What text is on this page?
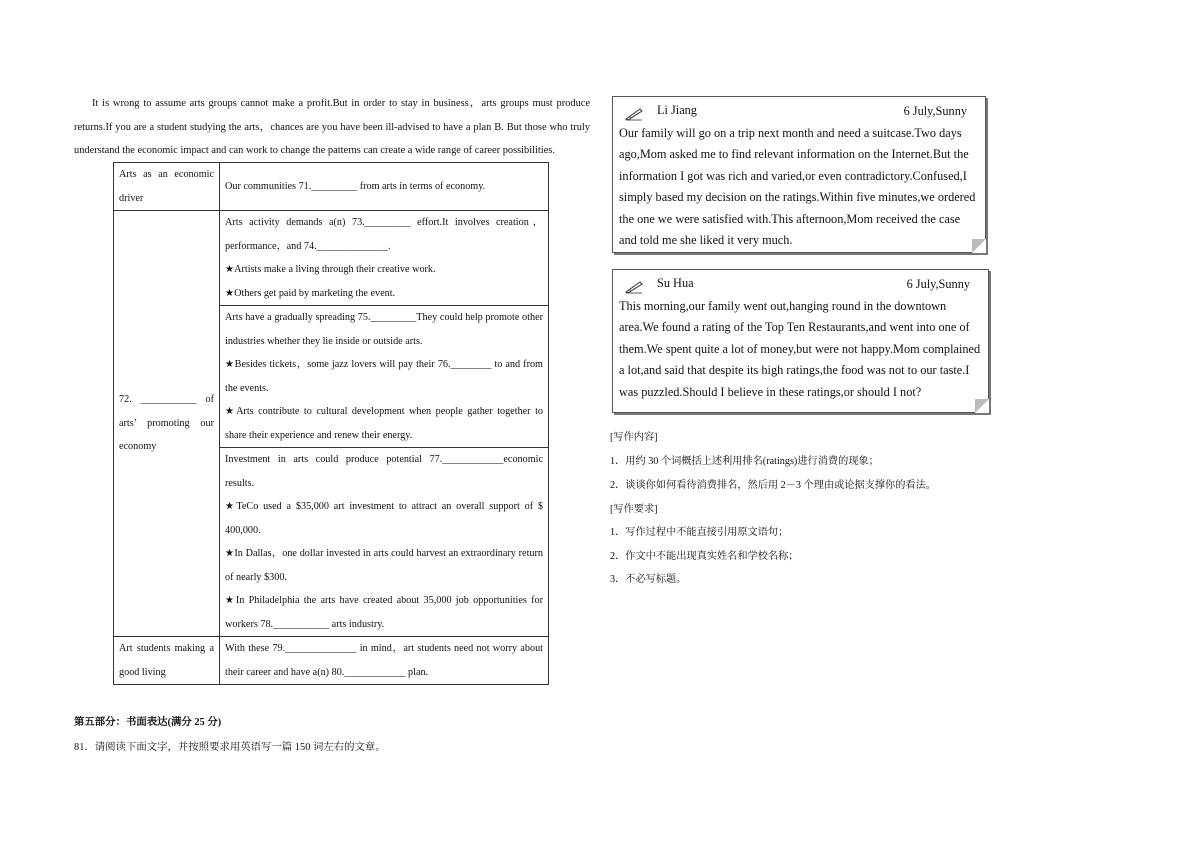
It is wrong to assume arts groups cannot make a profit.But in order to stay in business，arts groups must produce returns.If you are a student studying the arts，chances are you have been ill-advised to have a plan B. But those who truly understand the economic impact and can work to change the patterns can create a wide range of career possibilities.

Arts as an economic driver	Our communities 71._________ from arts in terms of economy.
72. ___________ of arts’ promoting our economy	Arts activity demands a(n) 73._________ effort.It involves creation，performance，and 74.______________.
★Artists make a living through their creative work.
★Others get paid by marketing the event.

	Arts have a gradually spreading 75._________They could help promote other industries whether they lie inside or outside arts.
★Besides tickets，some jazz lovers will pay their 76.________ to and from the events.
★Arts contribute to cultural development when people gather together to share their experience and renew their energy.

	Investment in arts could produce potential 77.____________economic results.
★TeCo used a $35,000 art investment to attract an overall support of $ 400,000.
★In Dallas，one dollar invested in arts could harvest an extraordinary return of nearly $300.
★In Philadelphia the arts have created about 35,000 job opportunities for workers 78.___________ arts industry.

Art students making a good living	With these 79.______________ in mind，art students need not worry about their career and have a(n) 80.____________ plan.

第五部分：书面表达(满分 25 分)

81．请阅读下面文字，并按照要求用英语写一篇 150 词左右的文章。

Li Jiang	6 July,Sunny

Our family will go on a trip next month and need a suitcase.Two days ago,Mom asked me to find relevant information on the Internet.But the information I got was rich and varied,or even contradictory.Confused,I simply based my decision on the ratings.Within five minutes,we ordered the one we were satisfied with.This afternoon,Mom received the case and told me she liked it very much.

Su Hua	6 July,Sunny

This morning,our family went out,hanging round in the downtown area.We found a rating of the Top Ten Restaurants,and went into one of them.We spent quite a lot of money,but were not happy.Mom complained a lot,and said that despite its high ratings,the food was not to our taste.I was puzzled.Should I believe in these ratings,or should I not?

[写作内容]

1．用约 30 个词概括上述利用排名(ratings)进行消费的现象；

2．谈谈你如何看待消费排名，然后用 2－3 个理由或论据支撑你的看法。

[写作要求]

1．写作过程中不能直接引用原文语句；

2．作文中不能出现真实姓名和学校名称；

3．不必写标题。
